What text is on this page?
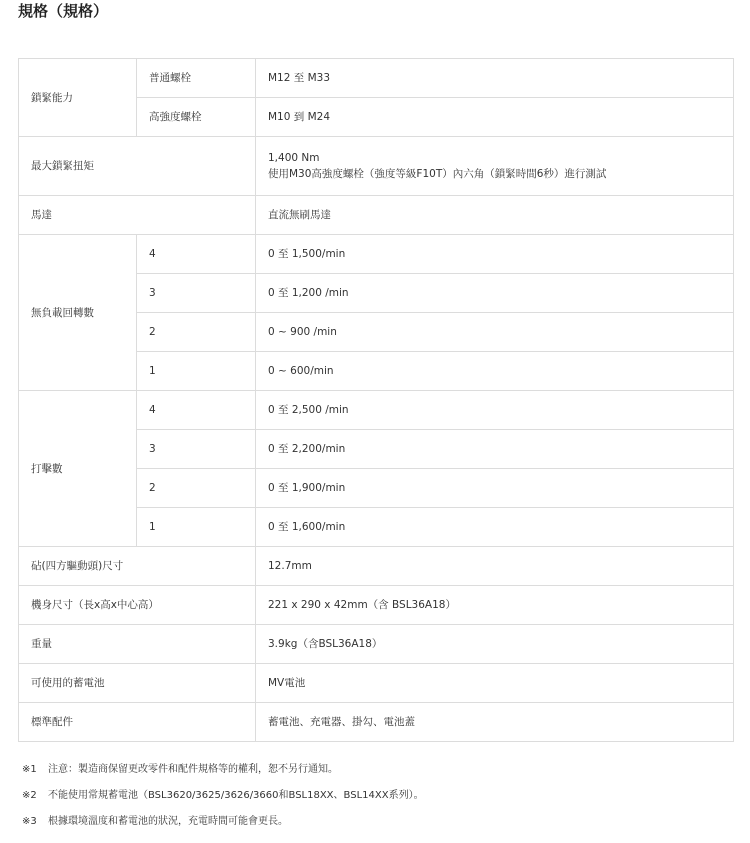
規格（規格）
鎖緊能力	普通螺栓	M12 至 M33
	高強度螺栓	M10 到 M24
最大鎖緊扭矩		1,400 Nm
使用M30高強度螺栓（強度等級F10T）內六角（鎖緊時間6秒）進行測試

馬達		直流無刷馬達
無負載回轉數	4	0 至 1,500/min
	3	0 至 1,200 /min
	2	0 ~ 900 /min
	1	0 ~ 600/min
打擊數	4	0 至 2,500 /min
	3	0 至 2,200/min
	2	0 至 1,900/min
	1	0 至 1,600/min
砧(四方驅動頭)尺寸		12.7mm
機身尺寸（長x高x中心高）		221 x 290 x 42mm（含 BSL36A18）
重量		3.9kg（含BSL36A18）
可使用的蓄電池		MV電池
標準配件		蓄電池、充電器、掛勾、電池蓋
※1 注意：製造商保留更改零件和配件規格等的權利，恕不另行通知。
※2 不能使用常規蓄電池（BSL3620/3625/3626/3660和BSL18XX、BSL14XX系列）。
※3 根據環境溫度和蓄電池的狀況，充電時間可能會更長。
